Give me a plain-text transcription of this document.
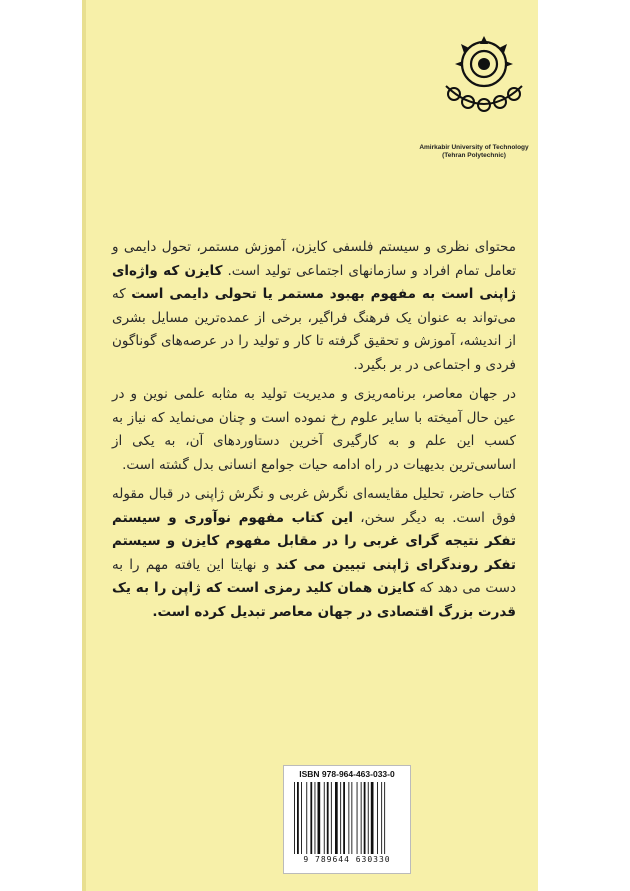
Amirkabir University of Technology
(Tehran Polytechnic)

محتوای نظری و سیستم فلسفی کایزن، آموزش مستمر، تحول دایمی و تعامل تمام افراد و سازمانهای اجتماعی تولید است. کایزن که واژه‌ای ژاپنی است به مفهوم بهبود مستمر یا تحولی دایمی است که می‌تواند به عنوان یک فرهنگ فراگیر، برخی از عمده‌ترین مسایل بشری از اندیشه، آموزش و تحقیق گرفته تا کار و تولید را در عرصه‌های گوناگون فردی و اجتماعی در بر بگیرد.

در جهان معاصر، برنامه‌ریزی و مدیریت تولید به مثابه علمی نوین و در عین حال آمیخته با سایر علوم رخ نموده است و چنان می‌نماید که نیاز به کسب این علم و به کارگیری آخرین دستاوردهای آن، به یکی از اساسی‌ترین بدیهیات در راه ادامه حیات جوامع انسانی بدل گشته است.

کتاب حاضر، تحلیل مقایسه‌ای نگرش غربی و نگرش ژاپنی در قبال مقوله فوق است. به دیگر سخن، این کتاب مفهوم نوآوری و سیستم تفکر نتیجه گرای غربی را در مقابل مفهوم کایزن و سیستم تفکر روندگرای ژاپنی تبیین می کند و نهایتا این یافته مهم را به دست می دهد که کایزن همان کلید رمزی است که ژاپن را به یک قدرت بزرگ اقتصادی در جهان معاصر تبدیل کرده است.

ISBN 978-964-463-033-0
9 789644 630330
